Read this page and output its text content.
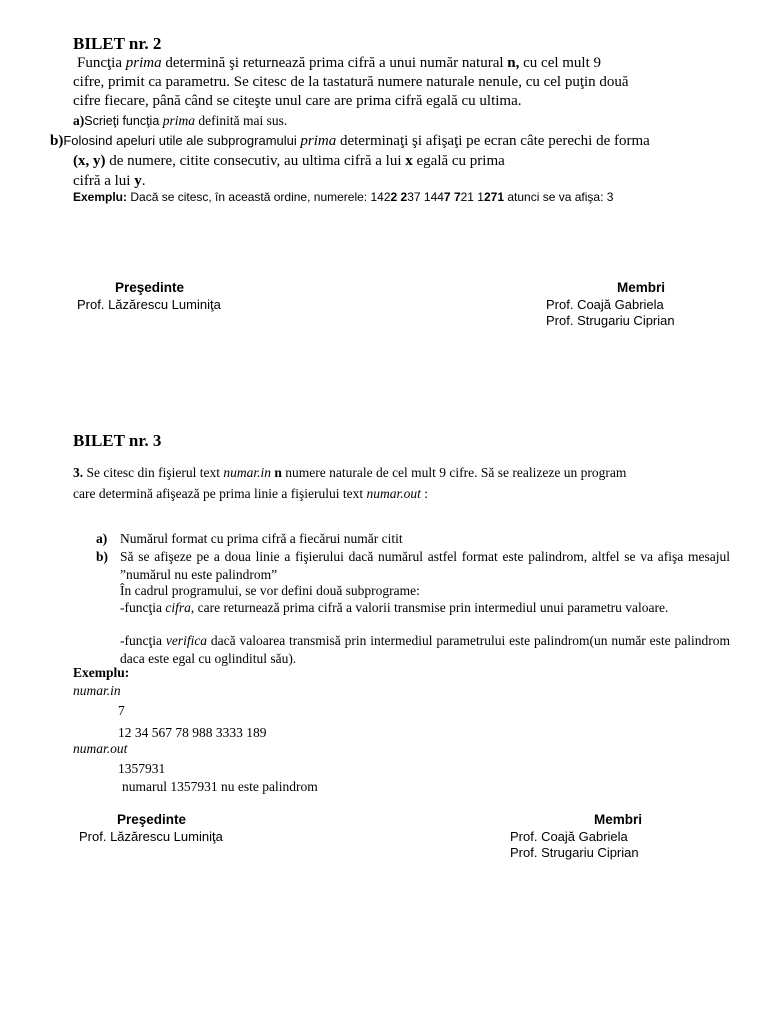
BILET nr. 2
Funcţia prima determină şi returnează prima cifră a unui număr natural n, cu cel mult 9
cifre, primit ca parametru. Se citesc de la tastatură numere naturale nenule, cu cel puţin două
cifre fiecare, până când se citeşte unul care are prima cifră egală cu ultima.
a)Scrieţi funcţia prima definită mai sus.
b)Folosind apeluri utile ale subprogramului prima determinaţi şi afişaţi pe ecran câte perechi de forma
(x, y) de numere, citite consecutiv, au ultima cifră a lui x egală cu prima
cifră a lui y.
Exemplu: Dacă se citesc, în această ordine, numerele: 1422 237 1447 721 1271 atunci se va afişa: 3
Preşedinte
Prof. Lăzărescu Luminiţa
Membri
Prof. Coajă Gabriela
Prof. Strugariu Ciprian
BILET nr. 3
3. Se citesc din fişierul text numar.in n numere naturale de cel mult 9 cifre. Să se realizeze un program
care determină afişează pe prima linie a fişierului text numar.out :
a) Numărul format cu prima cifră a fiecărui număr citit
b) Să se afişeze pe a doua linie a fişierului dacă numărul astfel format este palindrom, altfel se va afişa mesajul ”numărul nu este palindrom”
În cadrul programului, se vor defini două subprograme:
-funcţia cifra, care returnează prima cifră a valorii transmise prin intermediul unui parametru valoare.
-funcţia verifica dacă valoarea transmisă prin intermediul parametrului este palindrom(un număr este palindrom daca este egal cu oglinditul său).
Exemplu:
numar.in
7
12 34 567 78 988 3333 189
numar.out
1357931
numarul 1357931 nu este palindrom
Preşedinte
Prof. Lăzărescu Luminiţa
Membri
Prof. Coajă Gabriela
Prof. Strugariu Ciprian
